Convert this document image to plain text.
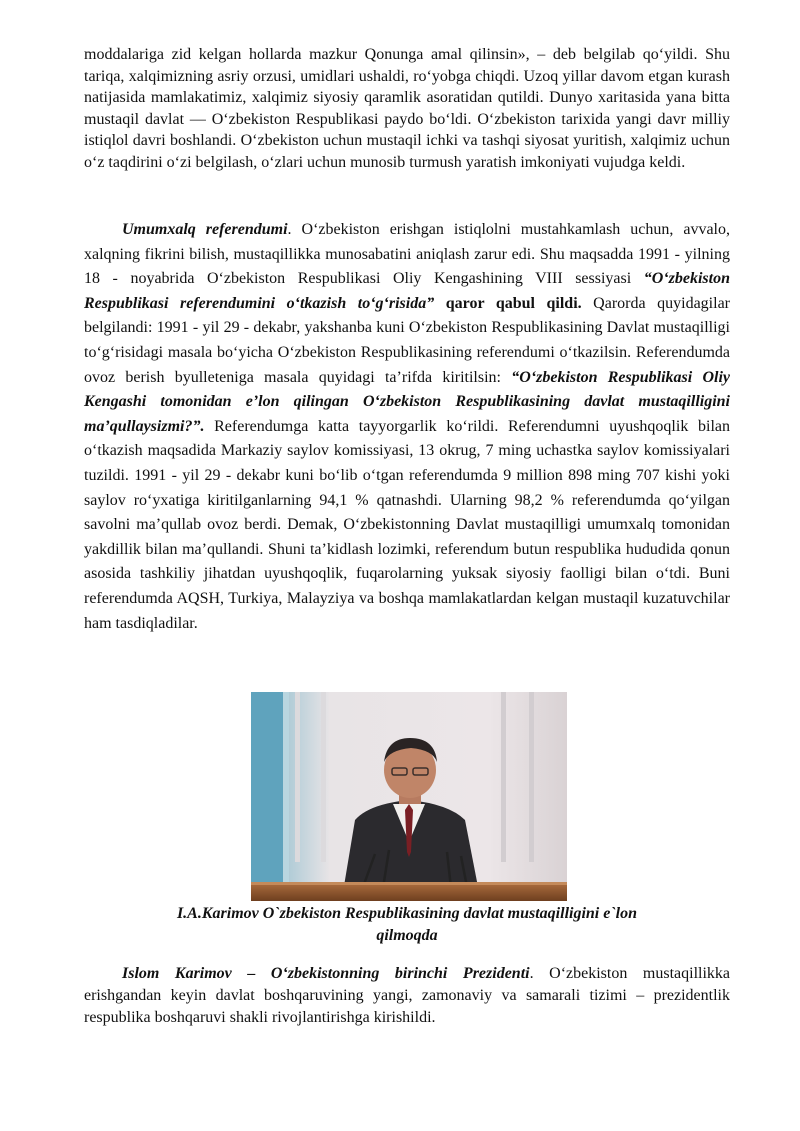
moddalariga zid kelgan hollarda mazkur Qonunga amal qilinsin», – deb belgilab qo‘yildi. Shu tariqa, xalqimizning asriy orzusi, umidlari ushaldi, ro‘yobga chiqdi. Uzoq yillar davom etgan kurash natijasida mamlakatimiz, xalqimiz siyosiy qaramlik asoratidan qutildi. Dunyo xaritasida yana bitta mustaqil davlat — O‘zbekiston Respublikasi paydo bo‘ldi. O‘zbekiston tarixida yangi davr milliy istiqlol davri boshlandi. O‘zbekiston uchun mustaqil ichki va tashqi siyosat yuritish, xalqimiz uchun o‘z taqdirini o‘zi belgilash, o‘zlari uchun munosib turmush yaratish imkoniyati vujudga keldi.

Umumxalq referendumi. O‘zbekiston erishgan istiqlolni mustahkamlash uchun, avvalo, xalqning fikrini bilish, mustaqillikka munosabatini aniqlash zarur edi. Shu maqsadda 1991 - yilning 18 - noyabrida O‘zbekiston Respublikasi Oliy Kengashining VIII sessiyasi “O‘zbekiston Respublikasi referendumini o‘tkazish to‘g‘risida” qaror qabul qildi. Qarorda quyidagilar belgilandi: 1991 - yil 29 - dekabr, yakshanba kuni O‘zbekiston Respublikasining Davlat mustaqilligi to‘g‘risidagi masala bo‘yicha O‘zbekiston Respublikasining referendumi o‘tkazilsin. Referendumda ovoz berish byulleteniga masala quyidagi ta’rifda kiritilsin: “O‘zbekiston Respublikasi Oliy Kengashi tomonidan e’lon qilingan O‘zbekiston Respublikasining davlat mustaqilligini ma’qullaysizmi?”. Referendumga katta tayyorgarlik ko‘rildi. Referendumni uyushqoqlik bilan o‘tkazish maqsadida Markaziy saylov komissiyasi, 13 okrug, 7 ming uchastka saylov komissiyalari tuzildi. 1991 - yil 29 - dekabr kuni bo‘lib o‘tgan referendumda 9 million 898 ming 707 kishi yoki saylov ro‘yxatiga kiritilganlarning 94,1 % qatnashdi. Ularning 98,2 % referendumda qo‘yilgan savolni ma’qullab ovoz berdi. Demak, O‘zbekistonning Davlat mustaqilligi umumxalq tomonidan yakdillik bilan ma’qullandi. Shuni ta’kidlash lozimki, referendum butun respublika hududida qonun asosida tashkiliy jihatdan uyushqoqlik, fuqarolarning yuksak siyosiy faolligi bilan o‘tdi. Buni referendumda AQSH, Turkiya, Malayziya va boshqa mamlakatlardan kelgan mustaqil kuzatuvchilar ham tasdiqladilar.

I.A.Karimov O`zbekiston Respublikasining davlat mustaqilligini e`lon
qilmoqda

Islom Karimov – O‘zbekistonning birinchi Prezidenti. O‘zbekiston mustaqillikka erishgandan keyin davlat boshqaruvining yangi, zamonaviy va samarali tizimi – prezidentlik respublika boshqaruvi shakli rivojlantirishga kirishildi.
